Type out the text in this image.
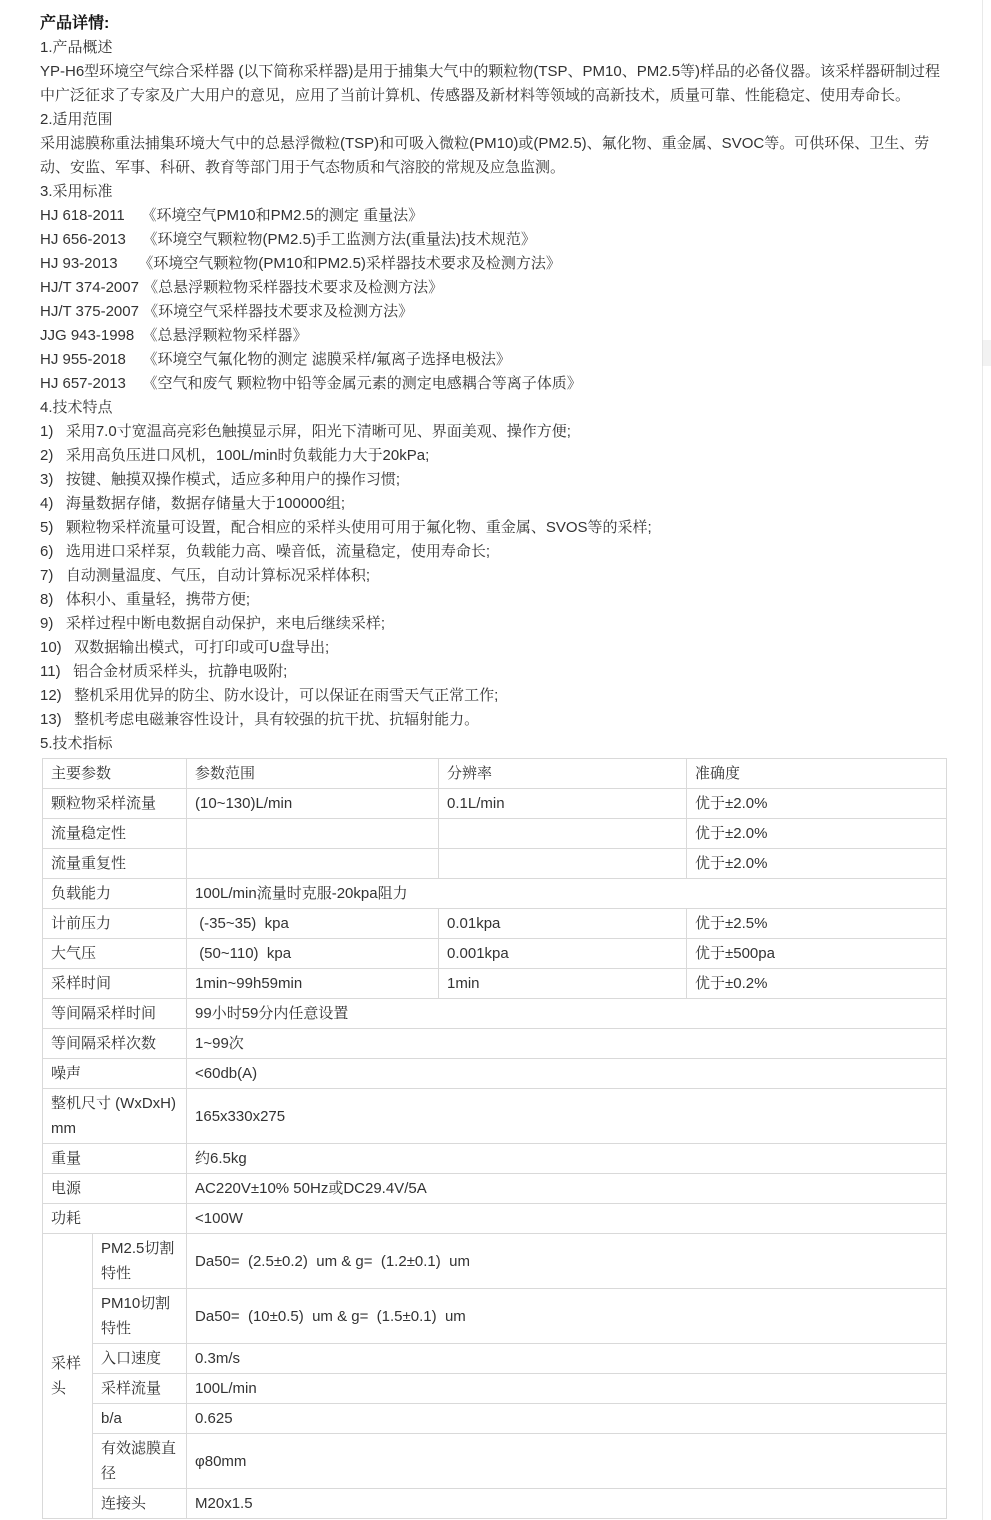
产品详情:
1.产品概述
YP-H6型环境空气综合采样器 (以下简称采样器)是用于捕集大气中的颗粒物(TSP、PM10、PM2.5等)样品的必备仪器。该采样器研制过程
中广泛征求了专家及广大用户的意见，应用了当前计算机、传感器及新材料等领域的高新技术，质量可靠、性能稳定、使用寿命长。
2.适用范围
采用滤膜称重法捕集环境大气中的总悬浮微粒(TSP)和可吸入微粒(PM10)或(PM2.5)、氟化物、重金属、SVOC等。可供环保、卫生、劳
动、安监、军事、科研、教育等部门用于气态物质和气溶胶的常规及应急监测。
3.采用标准
HJ 618-2011    《环境空气PM10和PM2.5的测定 重量法》
HJ 656-2013    《环境空气颗粒物(PM2.5)手工监测方法(重量法)技术规范》
HJ 93-2013     《环境空气颗粒物(PM10和PM2.5)采样器技术要求及检测方法》
HJ/T 374-2007 《总悬浮颗粒物采样器技术要求及检测方法》
HJ/T 375-2007 《环境空气采样器技术要求及检测方法》
JJG 943-1998  《总悬浮颗粒物采样器》
HJ 955-2018    《环境空气氟化物的测定 滤膜采样/氟离子选择电极法》
HJ 657-2013    《空气和废气 颗粒物中铅等金属元素的测定电感耦合等离子体质》
4.技术特点
1)   采用7.0寸宽温高亮彩色触摸显示屏，阳光下清晰可见、界面美观、操作方便;
2)   采用高负压进口风机，100L/min时负载能力大于20kPa;
3)   按键、触摸双操作模式，适应多种用户的操作习惯;
4)   海量数据存储，数据存储量大于100000组;
5)   颗粒物采样流量可设置，配合相应的采样头使用可用于氟化物、重金属、SVOS等的采样;
6)   选用进口采样泵，负载能力高、噪音低，流量稳定，使用寿命长;
7)   自动测量温度、气压，自动计算标况采样体积;
8)   体积小、重量轻，携带方便;
9)   采样过程中断电数据自动保护，来电后继续采样;
10)   双数据输出模式，可打印或可U盘导出;
11)   铝合金材质采样头，抗静电吸附;
12)   整机采用优异的防尘、防水设计，可以保证在雨雪天气正常工作;
13)   整机考虑电磁兼容性设计，具有较强的抗干扰、抗辐射能力。
5.技术指标
主要参数		参数范围	分辨率	准确度
颗粒物采样流量		(10~130)L/min	0.1L/min	优于±2.0%
流量稳定性				优于±2.0%
流量重复性				优于±2.0%
负载能力		100L/min流量时克服-20kpa阻力		
计前压力		(-35~35)  kpa	0.01kpa	优于±2.5%
大气压		(50~110)  kpa	0.001kpa	优于±500pa
采样时间		1min~99h59min	1min	优于±0.2%
等间隔采样时间		99小时59分内任意设置		
等间隔采样次数		1~99次		
噪声		<60db(A)		
整机尺寸 (WxDxH)  mm		165x330x275		
重量		约6.5kg		
电源		AC220V±10% 50Hz或DC29.4V/5A		
功耗		<100W		
采样头	PM2.5切割特性	Da50=  (2.5±0.2)  um & g=  (1.2±0.1)  um		
	PM10切割特性	Da50=  (10±0.5)  um & g=  (1.5±0.1)  um		
	入口速度	0.3m/s		
	采样流量	100L/min		
	b/a	0.625		
	有效滤膜直径	φ80mm		
	连接头	M20x1.5		
